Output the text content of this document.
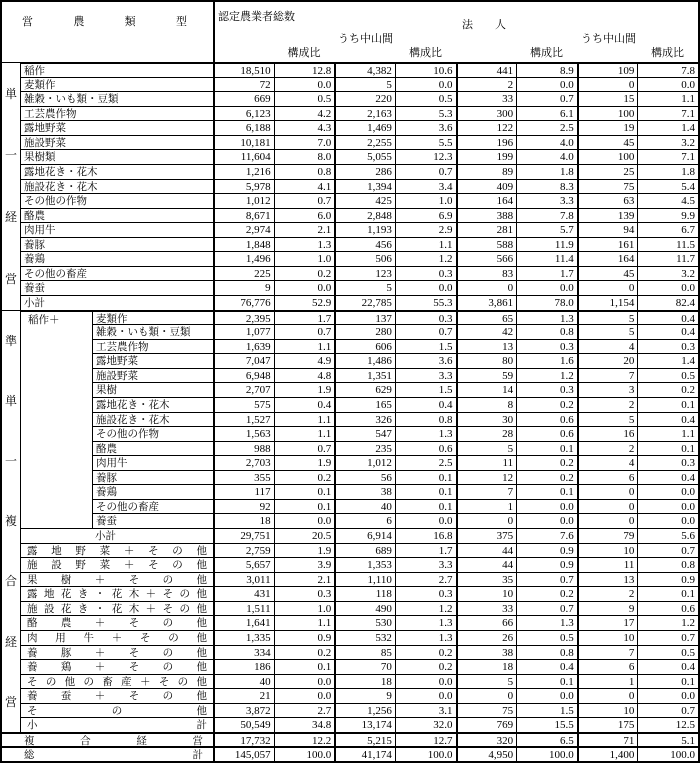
営農類型	認定農業者総数
法　　人
うち中山間	うち中山間
構成比	構成比	構成比	構成比
単
一
経
営
準
単
一
複
合
経
営
稲作＋
稲作	18,510	12.8	4,382	10.6	441	8.9	109	7.8
麦類作	72	0.0	5	0.0	2	0.0	0	0.0
雑穀・いも類・豆類	669	0.5	220	0.5	33	0.7	15	1.1
工芸農作物	6,123	4.2	2,163	5.3	300	6.1	100	7.1
露地野菜	6,188	4.3	1,469	3.6	122	2.5	19	1.4
施設野菜	10,181	7.0	2,255	5.5	196	4.0	45	3.2
果樹類	11,604	8.0	5,055	12.3	199	4.0	100	7.1
露地花き・花木	1,216	0.8	286	0.7	89	1.8	25	1.8
施設花き・花木	5,978	4.1	1,394	3.4	409	8.3	75	5.4
その他の作物	1,012	0.7	425	1.0	164	3.3	63	4.5
酪農	8,671	6.0	2,848	6.9	388	7.8	139	9.9
肉用牛	2,974	2.1	1,193	2.9	281	5.7	94	6.7
養豚	1,848	1.3	456	1.1	588	11.9	161	11.5
養鶏	1,496	1.0	506	1.2	566	11.4	164	11.7
その他の畜産	225	0.2	123	0.3	83	1.7	45	3.2
養蚕	9	0.0	5	0.0	0	0.0	0	0.0
小計	76,776	52.9	22,785	55.3	3,861	78.0	1,154	82.4
麦類作	2,395	1.7	137	0.3	65	1.3	5	0.4
雑穀・いも類・豆類	1,077	0.7	280	0.7	42	0.8	5	0.4
工芸農作物	1,639	1.1	606	1.5	13	0.3	4	0.3
露地野菜	7,047	4.9	1,486	3.6	80	1.6	20	1.4
施設野菜	6,948	4.8	1,351	3.3	59	1.2	7	0.5
果樹	2,707	1.9	629	1.5	14	0.3	3	0.2
露地花き・花木	575	0.4	165	0.4	8	0.2	2	0.1
施設花き・花木	1,527	1.1	326	0.8	30	0.6	5	0.4
その他の作物	1,563	1.1	547	1.3	28	0.6	16	1.1
酪農	988	0.7	235	0.6	5	0.1	2	0.1
肉用牛	2,703	1.9	1,012	2.5	11	0.2	4	0.3
養豚	355	0.2	56	0.1	12	0.2	6	0.4
養鶏	117	0.1	38	0.1	7	0.1	0	0.0
その他の畜産	92	0.1	40	0.1	1	0.0	0	0.0
養蚕	18	0.0	6	0.0	0	0.0	0	0.0
小計	29,751	20.5	6,914	16.8	375	7.6	79	5.6
露地野菜＋その他	2,759	1.9	689	1.7	44	0.9	10	0.7
施設野菜＋その他	5,657	3.9	1,353	3.3	44	0.9	11	0.8
果樹＋その他	3,011	2.1	1,110	2.7	35	0.7	13	0.9
露地花き・花木＋その他	431	0.3	118	0.3	10	0.2	2	0.1
施設花き・花木＋その他	1,511	1.0	490	1.2	33	0.7	9	0.6
酪農＋その他	1,641	1.1	530	1.3	66	1.3	17	1.2
肉用牛＋その他	1,335	0.9	532	1.3	26	0.5	10	0.7
養豚＋その他	334	0.2	85	0.2	38	0.8	7	0.5
養鶏＋その他	186	0.1	70	0.2	18	0.4	6	0.4
その他の畜産＋その他	40	0.0	18	0.0	5	0.1	1	0.1
養蚕＋その他	21	0.0	9	0.0	0	0.0	0	0.0
その他	3,872	2.7	1,256	3.1	75	1.5	10	0.7
小計	50,549	34.8	13,174	32.0	769	15.5	175	12.5
複合経営	17,732	12.2	5,215	12.7	320	6.5	71	5.1
総計	145,057	100.0	41,174	100.0	4,950	100.0	1,400	100.0
